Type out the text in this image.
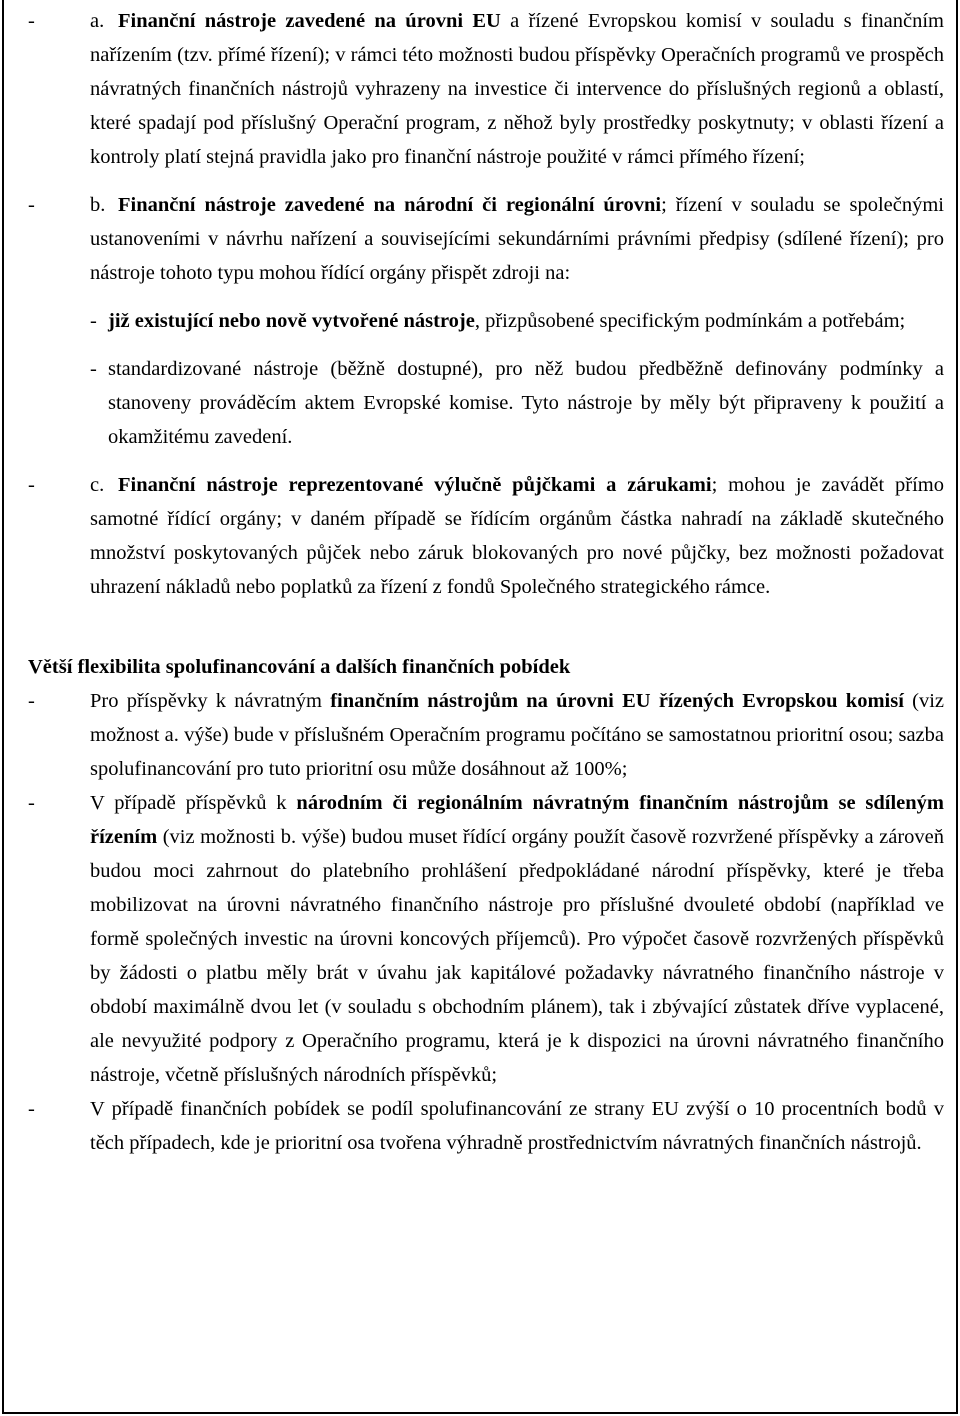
-	a. Finanční nástroje zavedené na úrovni EU a řízené Evropskou komisí v souladu s finančním nařízením (tzv. přímé řízení); v rámci této možnosti budou příspěvky Operačních programů ve prospěch návratných finančních nástrojů vyhrazeny na investice či intervence do příslušných regionů a oblastí, které spadají pod příslušný Operační program, z něhož byly prostředky poskytnuty; v oblasti řízení a kontroly platí stejná pravidla jako pro finanční nástroje použité v rámci přímého řízení;

-	b. Finanční nástroje zavedené na národní či regionální úrovni; řízení v souladu se společnými ustanoveními v návrhu nařízení a souvisejícími sekundárními právními předpisy (sdílené řízení); pro nástroje tohoto typu mohou řídící orgány přispět zdroji na:

- již existující nebo nově vytvořené nástroje, přizpůsobené specifickým podmínkám a potřebám;

- standardizované nástroje (běžně dostupné), pro něž budou předběžně definovány podmínky a stanoveny prováděcím aktem Evropské komise. Tyto nástroje by měly být připraveny k použití a okamžitému zavedení.

-	c. Finanční nástroje reprezentované výlučně půjčkami a zárukami; mohou je zavádět přímo samotné řídící orgány; v daném případě se řídícím orgánům částka nahradí na základě skutečného množství poskytovaných půjček nebo záruk blokovaných pro nové půjčky, bez možnosti požadovat uhrazení nákladů nebo poplatků za řízení z fondů Společného strategického rámce.

Větší flexibilita spolufinancování a dalších finančních pobídek
-	Pro příspěvky k návratným finančním nástrojům na úrovni EU řízených Evropskou komisí (viz možnost a. výše) bude v příslušném Operačním programu počítáno se samostatnou prioritní osou; sazba spolufinancování pro tuto prioritní osu může dosáhnout až 100%;

-	V případě příspěvků k národním či regionálním návratným finančním nástrojům se sdíleným řízením (viz možnosti b. výše) budou muset řídící orgány použít časově rozvržené příspěvky a zároveň budou moci zahrnout do platebního prohlášení předpokládané národní příspěvky, které je třeba mobilizovat na úrovni návratného finančního nástroje pro příslušné dvouleté období (například ve formě společných investic na úrovni koncových příjemců). Pro výpočet časově rozvržených příspěvků by žádosti o platbu měly brát v úvahu jak kapitálové požadavky návratného finančního nástroje v období maximálně dvou let (v souladu s obchodním plánem), tak i zbývající zůstatek dříve vyplacené, ale nevyužité podpory z Operačního programu, která je k dispozici na úrovni návratného finančního nástroje, včetně příslušných národních příspěvků;

-	V případě finančních pobídek se podíl spolufinancování ze strany EU zvýší o 10 procentních bodů v těch případech, kde je prioritní osa tvořena výhradně prostřednictvím návratných finančních nástrojů.
